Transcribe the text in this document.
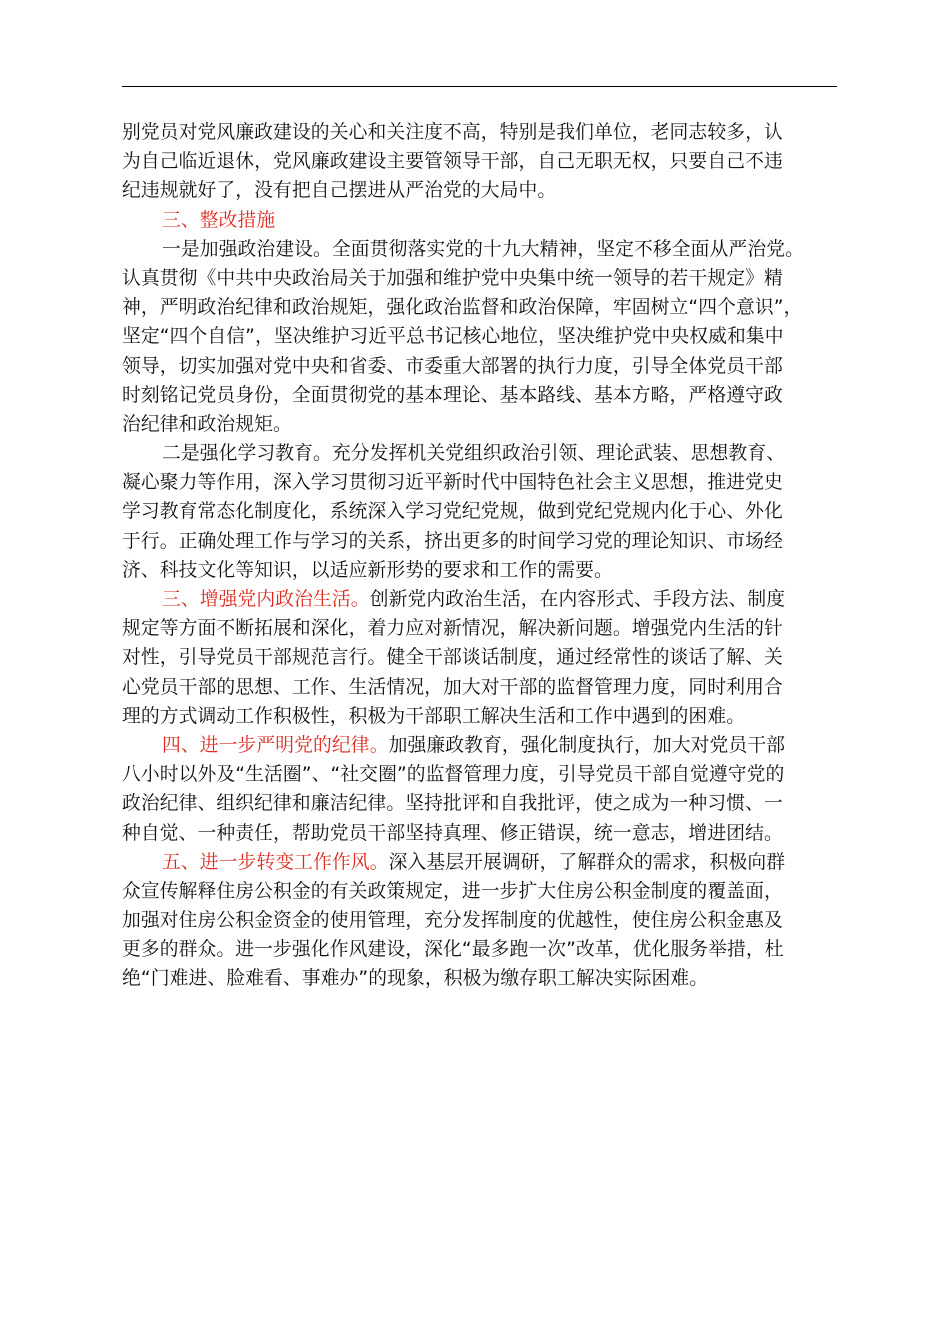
别党员对党风廉政建设的关心和关注度不高，特别是我们单位，老同志较多，认
为自己临近退休，党风廉政建设主要管领导干部，自己无职无权，只要自己不违
纪违规就好了，没有把自己摆进从严治党的大局中。
三、整改措施
一是加强政治建设。全面贯彻落实党的十九大精神，坚定不移全面从严治党。
认真贯彻《中共中央政治局关于加强和维护党中央集中统一领导的若干规定》精
神，严明政治纪律和政治规矩，强化政治监督和政治保障，牢固树立“四个意识”，
坚定“四个自信”，坚决维护习近平总书记核心地位，坚决维护党中央权威和集中
领导，切实加强对党中央和省委、市委重大部署的执行力度，引导全体党员干部
时刻铭记党员身份，全面贯彻党的基本理论、基本路线、基本方略，严格遵守政
治纪律和政治规矩。
二是强化学习教育。充分发挥机关党组织政治引领、理论武装、思想教育、
凝心聚力等作用，深入学习贯彻习近平新时代中国特色社会主义思想，推进党史
学习教育常态化制度化，系统深入学习党纪党规，做到党纪党规内化于心、外化
于行。正确处理工作与学习的关系，挤出更多的时间学习党的理论知识、市场经
济、科技文化等知识，以适应新形势的要求和工作的需要。
三、增强党内政治生活。创新党内政治生活，在内容形式、手段方法、制度
规定等方面不断拓展和深化，着力应对新情况，解决新问题。增强党内生活的针
对性，引导党员干部规范言行。健全干部谈话制度，通过经常性的谈话了解、关
心党员干部的思想、工作、生活情况，加大对干部的监督管理力度，同时利用合
理的方式调动工作积极性，积极为干部职工解决生活和工作中遇到的困难。
四、进一步严明党的纪律。加强廉政教育，强化制度执行，加大对党员干部
八小时以外及“生活圈”、“社交圈”的监督管理力度，引导党员干部自觉遵守党的
政治纪律、组织纪律和廉洁纪律。坚持批评和自我批评，使之成为一种习惯、一
种自觉、一种责任，帮助党员干部坚持真理、修正错误，统一意志，增进团结。
五、进一步转变工作作风。深入基层开展调研，了解群众的需求，积极向群
众宣传解释住房公积金的有关政策规定，进一步扩大住房公积金制度的覆盖面，
加强对住房公积金资金的使用管理，充分发挥制度的优越性，使住房公积金惠及
更多的群众。进一步强化作风建设，深化“最多跑一次”改革，优化服务举措，杜
绝“门难进、脸难看、事难办”的现象，积极为缴存职工解决实际困难。
